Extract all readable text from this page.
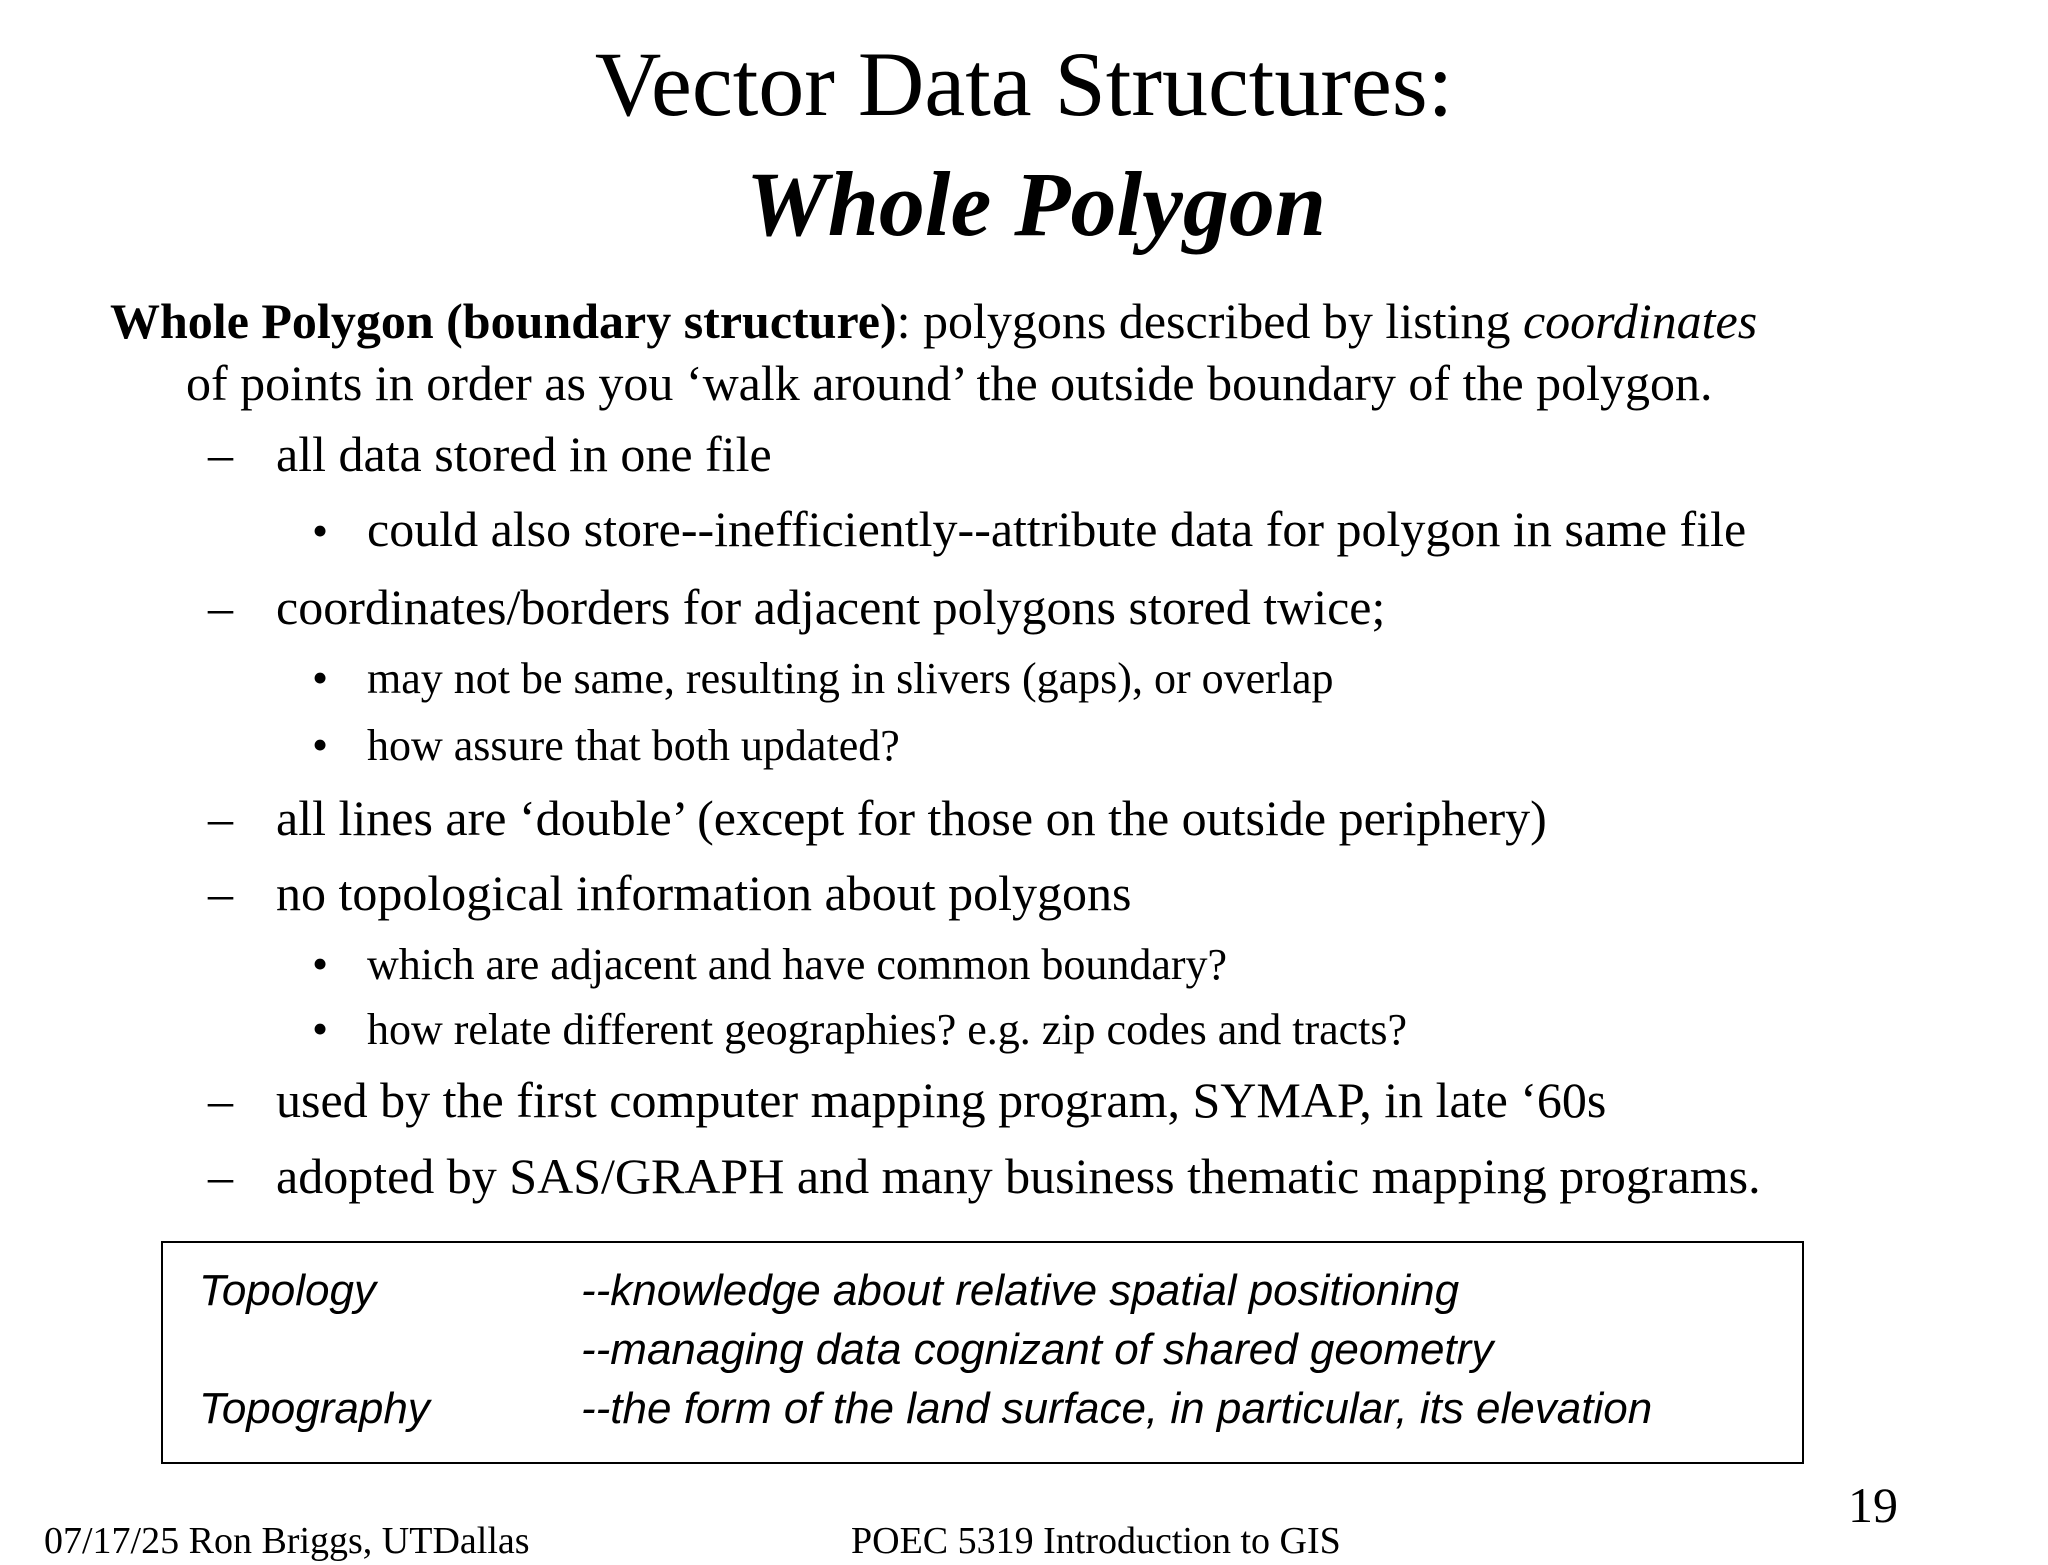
Vector Data Structures:
Whole Polygon
Whole Polygon (boundary structure): polygons described by listing coordinates
of points in order as you ‘walk around’ the outside boundary of the polygon.
– all data stored in one file
• could also store--inefficiently--attribute data for polygon in same file
– coordinates/borders for adjacent polygons stored twice;
• may not be same, resulting in slivers (gaps), or overlap
• how assure that both updated?
– all lines are ‘double’ (except for those on the outside periphery)
– no topological information about polygons
• which are adjacent and have common boundary?
• how relate different geographies? e.g. zip codes and tracts?
– used by the first computer mapping program, SYMAP, in late ‘60s
– adopted by SAS/GRAPH and many business thematic mapping programs.
Topology	--knowledge about relative spatial positioning
--managing data cognizant of shared geometry
Topography	--the form of the land surface, in particular, its elevation
07/17/25 Ron Briggs, UTDallas	POEC 5319 Introduction to GIS
19
